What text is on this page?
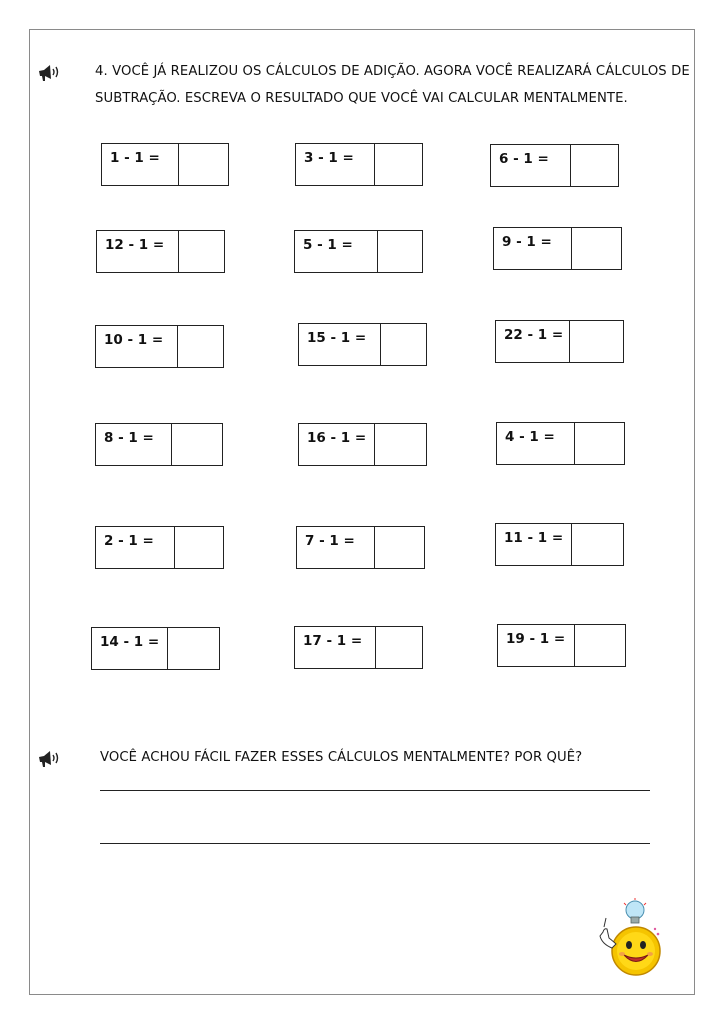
4. VOCÊ JÁ REALIZOU OS CÁLCULOS DE ADIÇÃO. AGORA VOCÊ REALIZARÁ CÁLCULOS DE
SUBTRAÇÃO. ESCREVA O RESULTADO QUE VOCÊ VAI CALCULAR MENTALMENTE.
1 - 1 =	3 - 1 =	6 - 1 =
12 - 1 =	5 - 1 =	9 - 1 =
10 - 1 =	15 - 1 =	22 - 1 =
8 - 1 =	16 - 1 =	4 - 1 =
2 - 1 =	7 - 1 =	11 - 1 =
14 - 1 =	17 - 1 =	19 - 1 =
VOCÊ ACHOU FÁCIL FAZER ESSES CÁLCULOS MENTALMENTE? POR QUÊ?
